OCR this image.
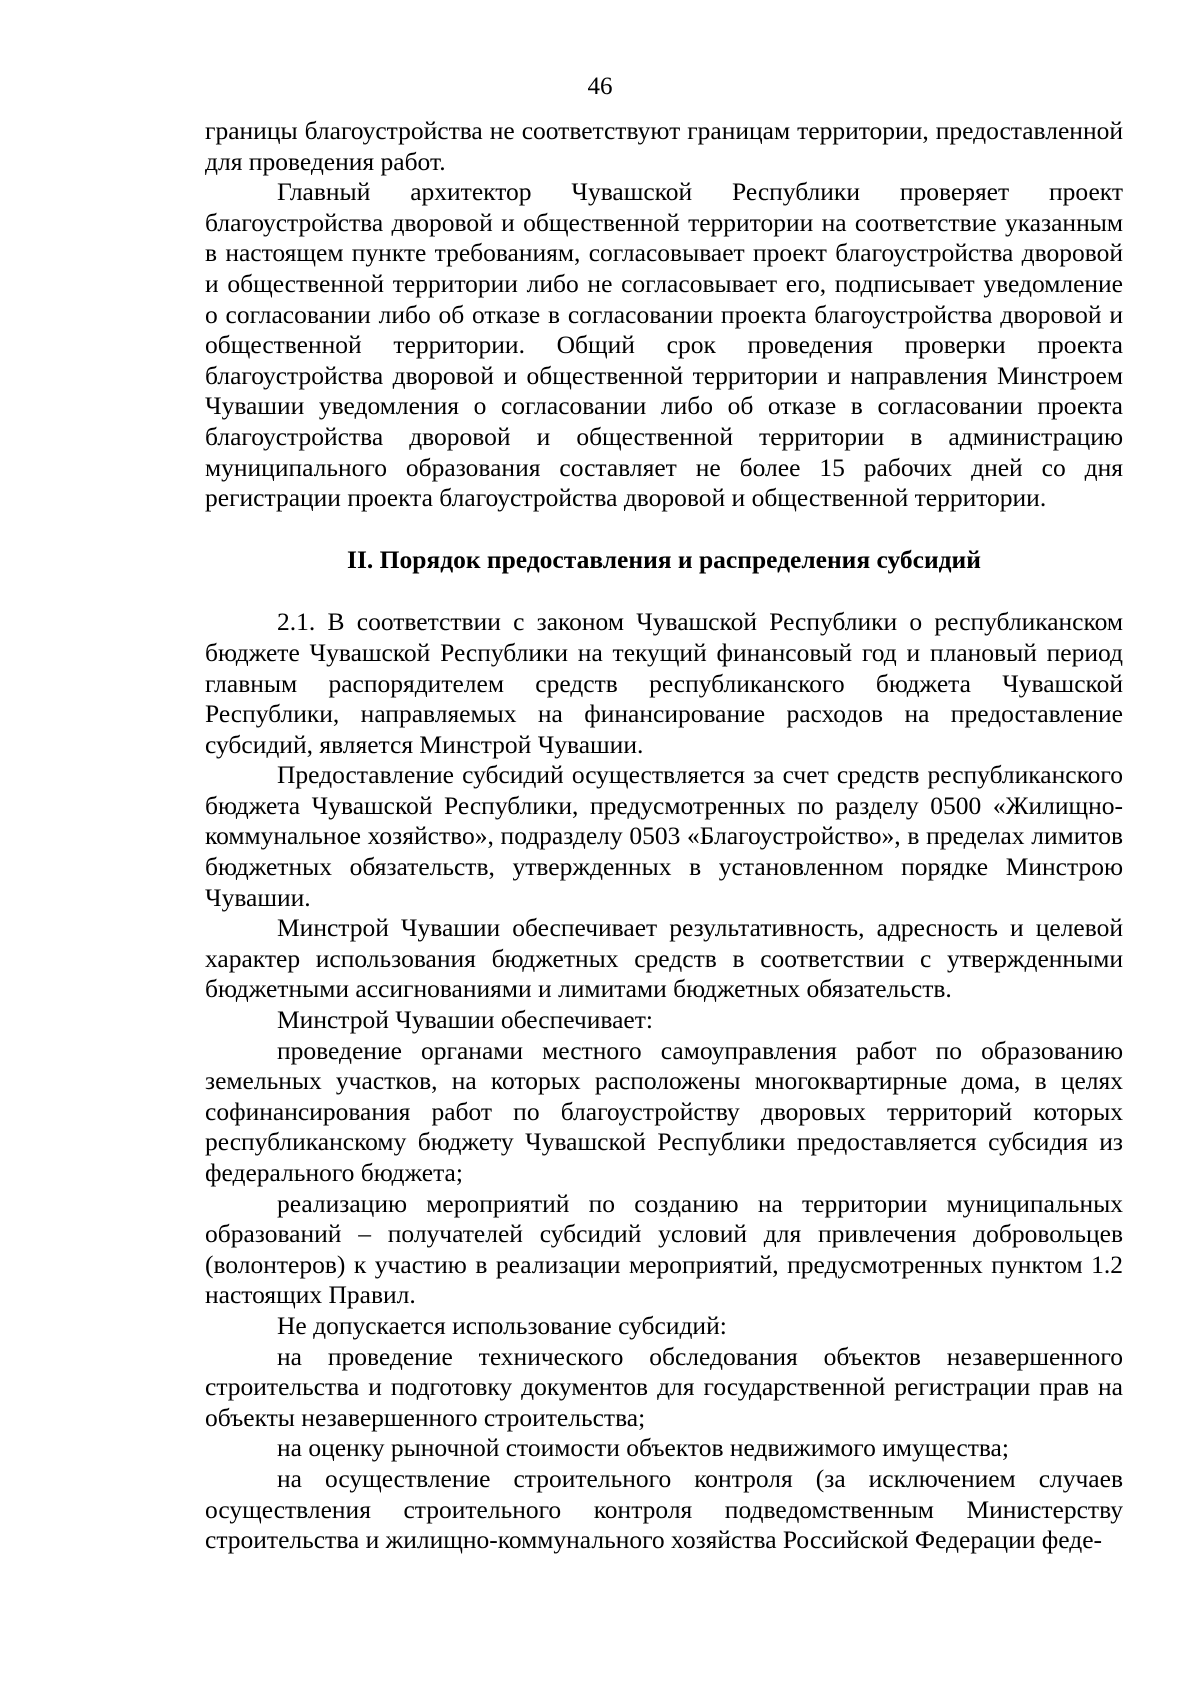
46

границы благоустройства не соответствуют границам территории, предоставленной для проведения работ.

Главный архитектор Чувашской Республики проверяет проект благоустройства дворовой и общественной территории на соответствие указанным в настоящем пункте требованиям, согласовывает проект благоустройства дворовой и общественной территории либо не согласовывает его, подписывает уведомление о согласовании либо об отказе в согласовании проекта благоустройства дворовой и общественной территории. Общий срок проведения проверки проекта благоустройства дворовой и общественной территории и направления Минстроем Чувашии уведомления о согласовании либо об отказе в согласовании проекта благоустройства дворовой и общественной территории в администрацию муниципального образования составляет не более 15 рабочих дней со дня регистрации проекта благоустройства дворовой и общественной территории.

II. Порядок предоставления и распределения субсидий

2.1. В соответствии с законом Чувашской Республики о республиканском бюджете Чувашской Республики на текущий финансовый год и плановый период главным распорядителем средств республиканского бюджета Чувашской Республики, направляемых на финансирование расходов на предоставление субсидий, является Минстрой Чувашии.

Предоставление субсидий осуществляется за счет средств республиканского бюджета Чувашской Республики, предусмотренных по разделу 0500 «Жилищно-коммунальное хозяйство», подразделу 0503 «Благоустройство», в пределах лимитов бюджетных обязательств, утвержденных в установленном порядке Минстрою Чувашии.

Минстрой Чувашии обеспечивает результативность, адресность и целевой характер использования бюджетных средств в соответствии с утвержденными бюджетными ассигнованиями и лимитами бюджетных обязательств.

Минстрой Чувашии обеспечивает:

проведение органами местного самоуправления работ по образованию земельных участков, на которых расположены многоквартирные дома, в целях софинансирования работ по благоустройству дворовых территорий которых республиканскому бюджету Чувашской Республики предоставляется субсидия из федерального бюджета;

реализацию мероприятий по созданию на территории муниципальных образований – получателей субсидий условий для привлечения добровольцев (волонтеров) к участию в реализации мероприятий, предусмотренных пунктом 1.2 настоящих Правил.

Не допускается использование субсидий:

на проведение технического обследования объектов незавершенного строительства и подготовку документов для государственной регистрации прав на объекты незавершенного строительства;

на оценку рыночной стоимости объектов недвижимого имущества;

на осуществление строительного контроля (за исключением случаев осуществления строительного контроля подведомственным Министерству строительства и жилищно-коммунального хозяйства Российской Федерации феде-
